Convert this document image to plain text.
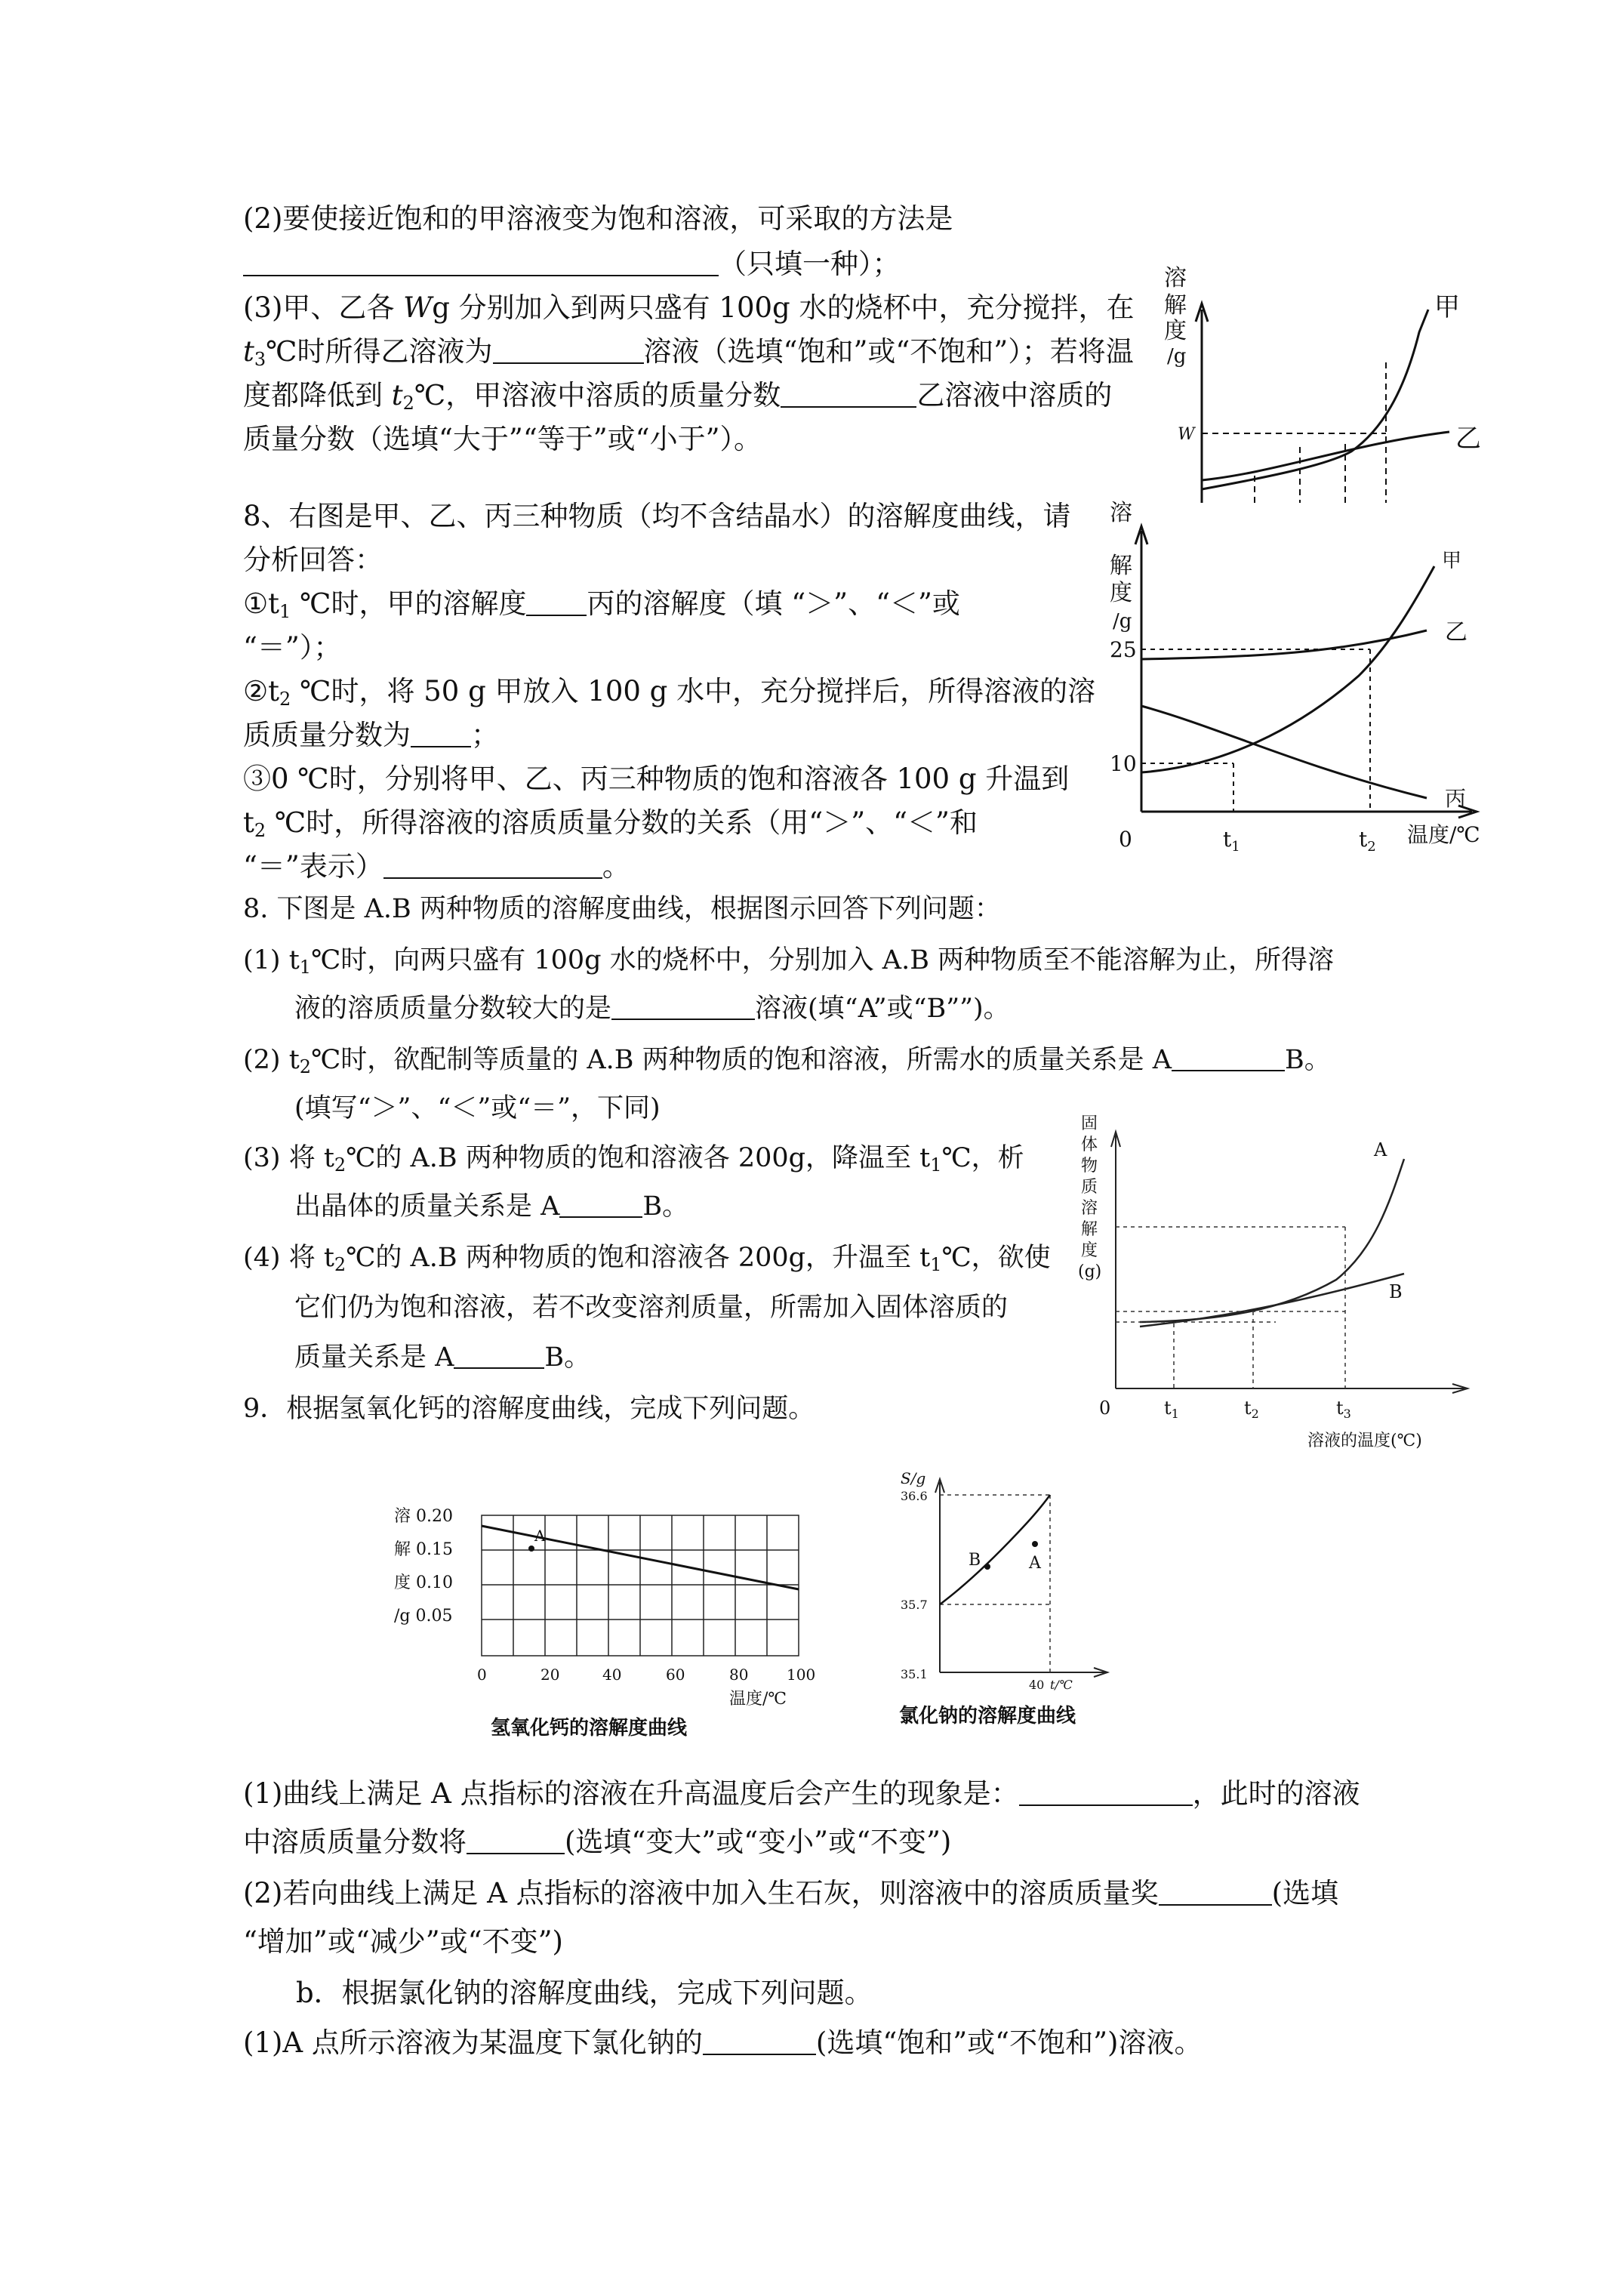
(2)要使接近饱和的甲溶液变为饱和溶液，可采取的方法是
（只填一种）；
(3)甲、乙各 Wg 分别加入到两只盛有 100g 水的烧杯中，充分搅拌，在
$t_3℃$时所得乙溶液为	溶液（选填“饱和”或“不饱和”）；若将温
度都降低到 $t_2℃$，甲溶液中溶质的质量分数	乙溶液中溶质的
质量分数（选填“大于”“等于”或“小于”）。
溶
解
度
/g
W
甲
乙
8、右图是甲、乙、丙三种物质（均不含结晶水）的溶解度曲线，请
分析回答：
$①t_1$ ℃时，甲的溶解度 丙的溶解度（填 “＞”、“＜”或
“＝”）；
$②t_2$ ℃时，将 50 g 甲放入 100 g 水中，充分搅拌后，所得溶液的溶
质质量分数为 ；
③0 ℃时，分别将甲、乙、丙三种物质的饱和溶液各 100 g 升温到
$t_2$ ℃时，所得溶液的溶质质量分数的关系（用“＞”、“＜”和
“＝”表示）	。
溶
解
度
/g
25
10
0	$t_1$	$t_2$ 温度/℃
甲
乙
丙
8. 下图是 A.B 两种物质的溶解度曲线，根据图示回答下列问题：
(1) $t_1℃$时，向两只盛有 100g 水的烧杯中，分别加入 A.B 两种物质至不能溶解为止，所得溶
液的溶质质量分数较大的是	溶液(填“A”或“B””)。
(2) $t_2℃$时，欲配制等质量的 A.B 两种物质的饱和溶液，所需水的质量关系是 A	B。
(填写“＞”、“＜”或“＝”，下同)
(3) 将 $t_2℃$的 A.B 两种物质的饱和溶液各 200g，降温至 $t_1℃$，析
出晶体的质量关系是 A	B。
(4) 将 $t_2℃$的 A.B 两种物质的饱和溶液各 200g，升温至 $t_1℃$，欲使
它们仍为饱和溶液，若不改变溶剂质量，所需加入固体溶质的
质量关系是 A	B。
固
体
物
质
溶
解
度
(g)
0	$t_1$	$t_2$	$t_3$
溶液的温度(℃)
A
B
9．根据氢氧化钙的溶解度曲线，完成下列问题。
溶 0.20
解 0.15
度 0.10
/g 0.05
A
0	20	40	60	80	100
温度/℃
氢氧化钙的溶解度曲线
S/g
B	A
36.6
35.7
35.1
40 t/℃
氯化钠的溶解度曲线
(1)曲线上满足 A 点指标的溶液在升高温度后会产生的现象是：	，此时的溶液
中溶质质量分数将	(选填“变大”或“变小”或“不变”)
(2)若向曲线上满足 A 点指标的溶液中加入生石灰，则溶液中的溶质质量奖	(选填
“增加”或“减少”或“不变”)
b．根据氯化钠的溶解度曲线，完成下列问题。
(1)A 点所示溶液为某温度下氯化钠的	(选填“饱和”或“不饱和”)溶液。
